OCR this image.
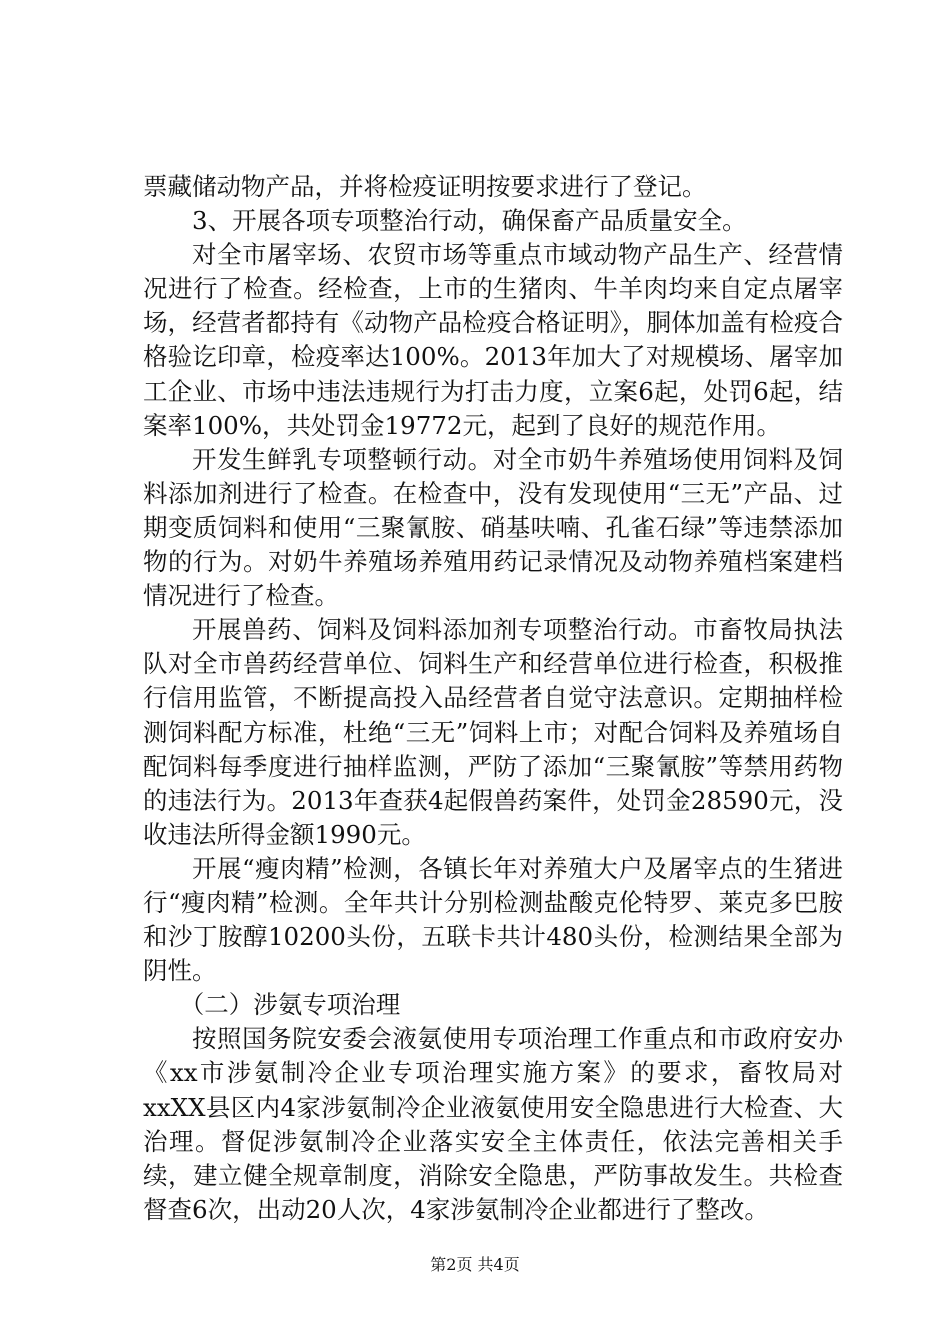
票藏储动物产品，并将检疫证明按要求进行了登记。

3、开展各项专项整治行动，确保畜产品质量安全。

对全市屠宰场、农贸市场等重点市域动物产品生产、经营情况进行了检查。经检查，上市的生猪肉、牛羊肉均来自定点屠宰场，经营者都持有《动物产品检疫合格证明》，胴体加盖有检疫合格验讫印章，检疫率达100%。2013年加大了对规模场、屠宰加工企业、市场中违法违规行为打击力度，立案6起，处罚6起，结案率100%，共处罚金19772元，起到了良好的规范作用。

开发生鲜乳专项整顿行动。对全市奶牛养殖场使用饲料及饲料添加剂进行了检查。在检查中，没有发现使用“三无”产品、过期变质饲料和使用“三聚氰胺、硝基呋喃、孔雀石绿”等违禁添加物的行为。对奶牛养殖场养殖用药记录情况及动物养殖档案建档情况进行了检查。

开展兽药、饲料及饲料添加剂专项整治行动。市畜牧局执法队对全市兽药经营单位、饲料生产和经营单位进行检查，积极推行信用监管，不断提高投入品经营者自觉守法意识。定期抽样检测饲料配方标准，杜绝“三无”饲料上市；对配合饲料及养殖场自配饲料每季度进行抽样监测，严防了添加“三聚氰胺”等禁用药物的违法行为。2013年查获4起假兽药案件，处罚金28590元，没收违法所得金额1990元。

开展“瘦肉精”检测，各镇长年对养殖大户及屠宰点的生猪进行“瘦肉精”检测。全年共计分别检测盐酸克伦特罗、莱克多巴胺和沙丁胺醇10200头份，五联卡共计480头份，检测结果全部为阴性。

（二）涉氨专项治理

按照国务院安委会液氨使用专项治理工作重点和市政府安办《xx市涉氨制冷企业专项治理实施方案》的要求，畜牧局对xxXX县区内4家涉氨制冷企业液氨使用安全隐患进行大检查、大治理。督促涉氨制冷企业落实安全主体责任，依法完善相关手续，建立健全规章制度，消除安全隐患，严防事故发生。共检查督查6次，出动20人次，4家涉氨制冷企业都进行了整改。

第2页 共4页
